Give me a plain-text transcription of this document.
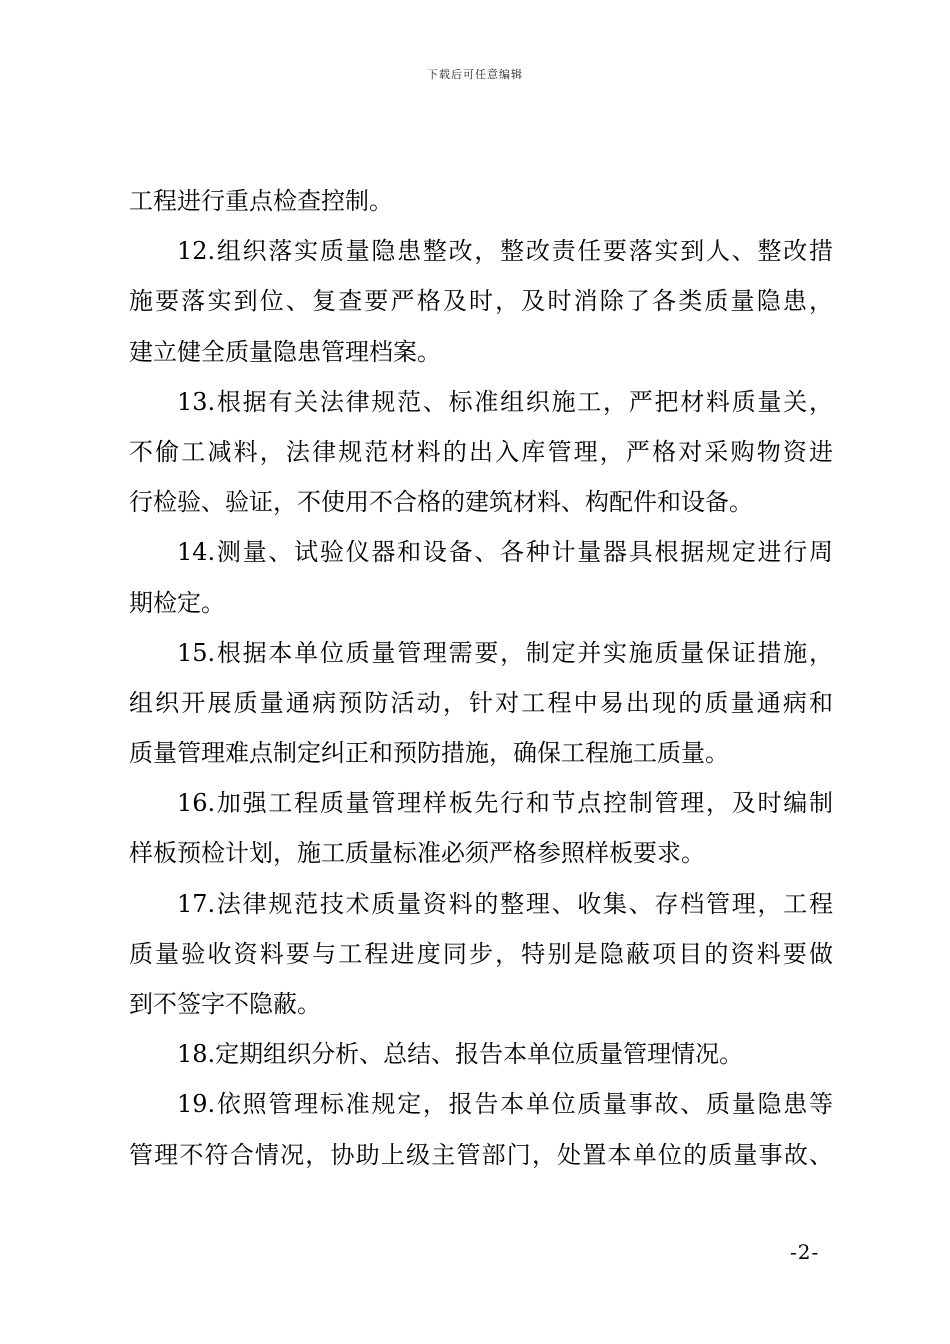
下载后可任意编辑
工程进行重点检查控制。
12.组织落实质量隐患整改，整改责任要落实到人、整改措
施要落实到位、复查要严格及时，及时消除了各类质量隐患，
建立健全质量隐患管理档案。
13.根据有关法律规范、标准组织施工，严把材料质量关，
不偷工减料，法律规范材料的出入库管理，严格对采购物资进
行检验、验证，不使用不合格的建筑材料、构配件和设备。
14.测量、试验仪器和设备、各种计量器具根据规定进行周
期检定。
15.根据本单位质量管理需要，制定并实施质量保证措施，
组织开展质量通病预防活动，针对工程中易出现的质量通病和
质量管理难点制定纠正和预防措施，确保工程施工质量。
16.加强工程质量管理样板先行和节点控制管理，及时编制
样板预检计划，施工质量标准必须严格参照样板要求。
17.法律规范技术质量资料的整理、收集、存档管理，工程
质量验收资料要与工程进度同步，特别是隐蔽项目的资料要做
到不签字不隐蔽。
18.定期组织分析、总结、报告本单位质量管理情况。
19.依照管理标准规定，报告本单位质量事故、质量隐患等
管理不符合情况，协助上级主管部门，处置本单位的质量事故、
-2-
